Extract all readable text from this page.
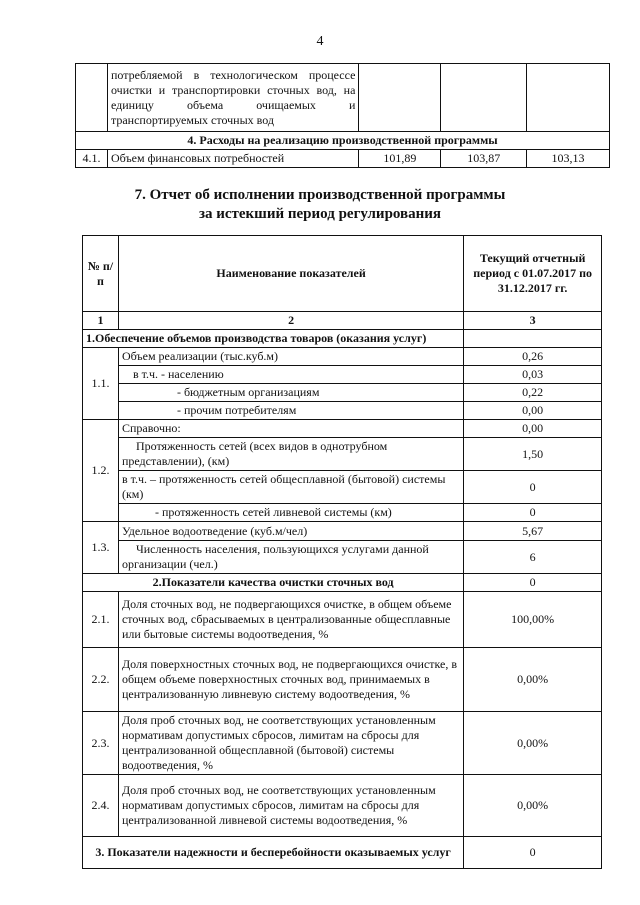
4
	потребляемой в технологическом процессе очистки и транспортировки сточных вод, на единицу объема очищаемых и транспортируемых сточных вод			
4. Расходы на реализацию производственной программы				
4.1.	Объем финансовых потребностей	101,89	103,87	103,13
7. Отчет об исполнении производственной программы
за истекший период регулирования
№ п/п	Наименование показателей	Текущий отчетный период с 01.07.2017 по 31.12.2017 гг.
1	2	3
1.Обеспечение объемов производства товаров (оказания услуг)		
1.1.	Объем реализации (тыс.куб.м)	0,26
	в т.ч. - населению	0,03
	- бюджетным организациям	0,22
	- прочим потребителям	0,00
1.2.	Справочно:	0,00
	Протяженность сетей (всех видов в однотрубном представлении), (км)	1,50
	в т.ч. – протяженность сетей общесплавной (бытовой) системы (км)	0
	- протяженность сетей ливневой системы (км)	0
1.3.	Удельное водоотведение (куб.м/чел)	5,67
	Численность населения, пользующихся услугами данной организации (чел.)	6
2.Показатели качества очистки сточных вод		0
2.1.	Доля сточных вод, не подвергающихся очистке, в общем объеме сточных вод, сбрасываемых в централизованные общесплавные или бытовые системы водоотведения, %	100,00%
2.2.	Доля поверхностных сточных вод, не подвергающихся очистке, в общем объеме поверхностных сточных вод, принимаемых в централизованную ливневую систему водоотведения, %	0,00%
2.3.	Доля проб сточных вод, не соответствующих установленным нормативам допустимых сбросов, лимитам на сбросы для централизованной общесплавной (бытовой) системы водоотведения, %	0,00%
2.4.	Доля проб сточных вод, не соответствующих установленным нормативам допустимых сбросов, лимитам на сбросы для централизованной ливневой системы водоотведения, %	0,00%
3. Показатели надежности и бесперебойности оказываемых услуг		0
